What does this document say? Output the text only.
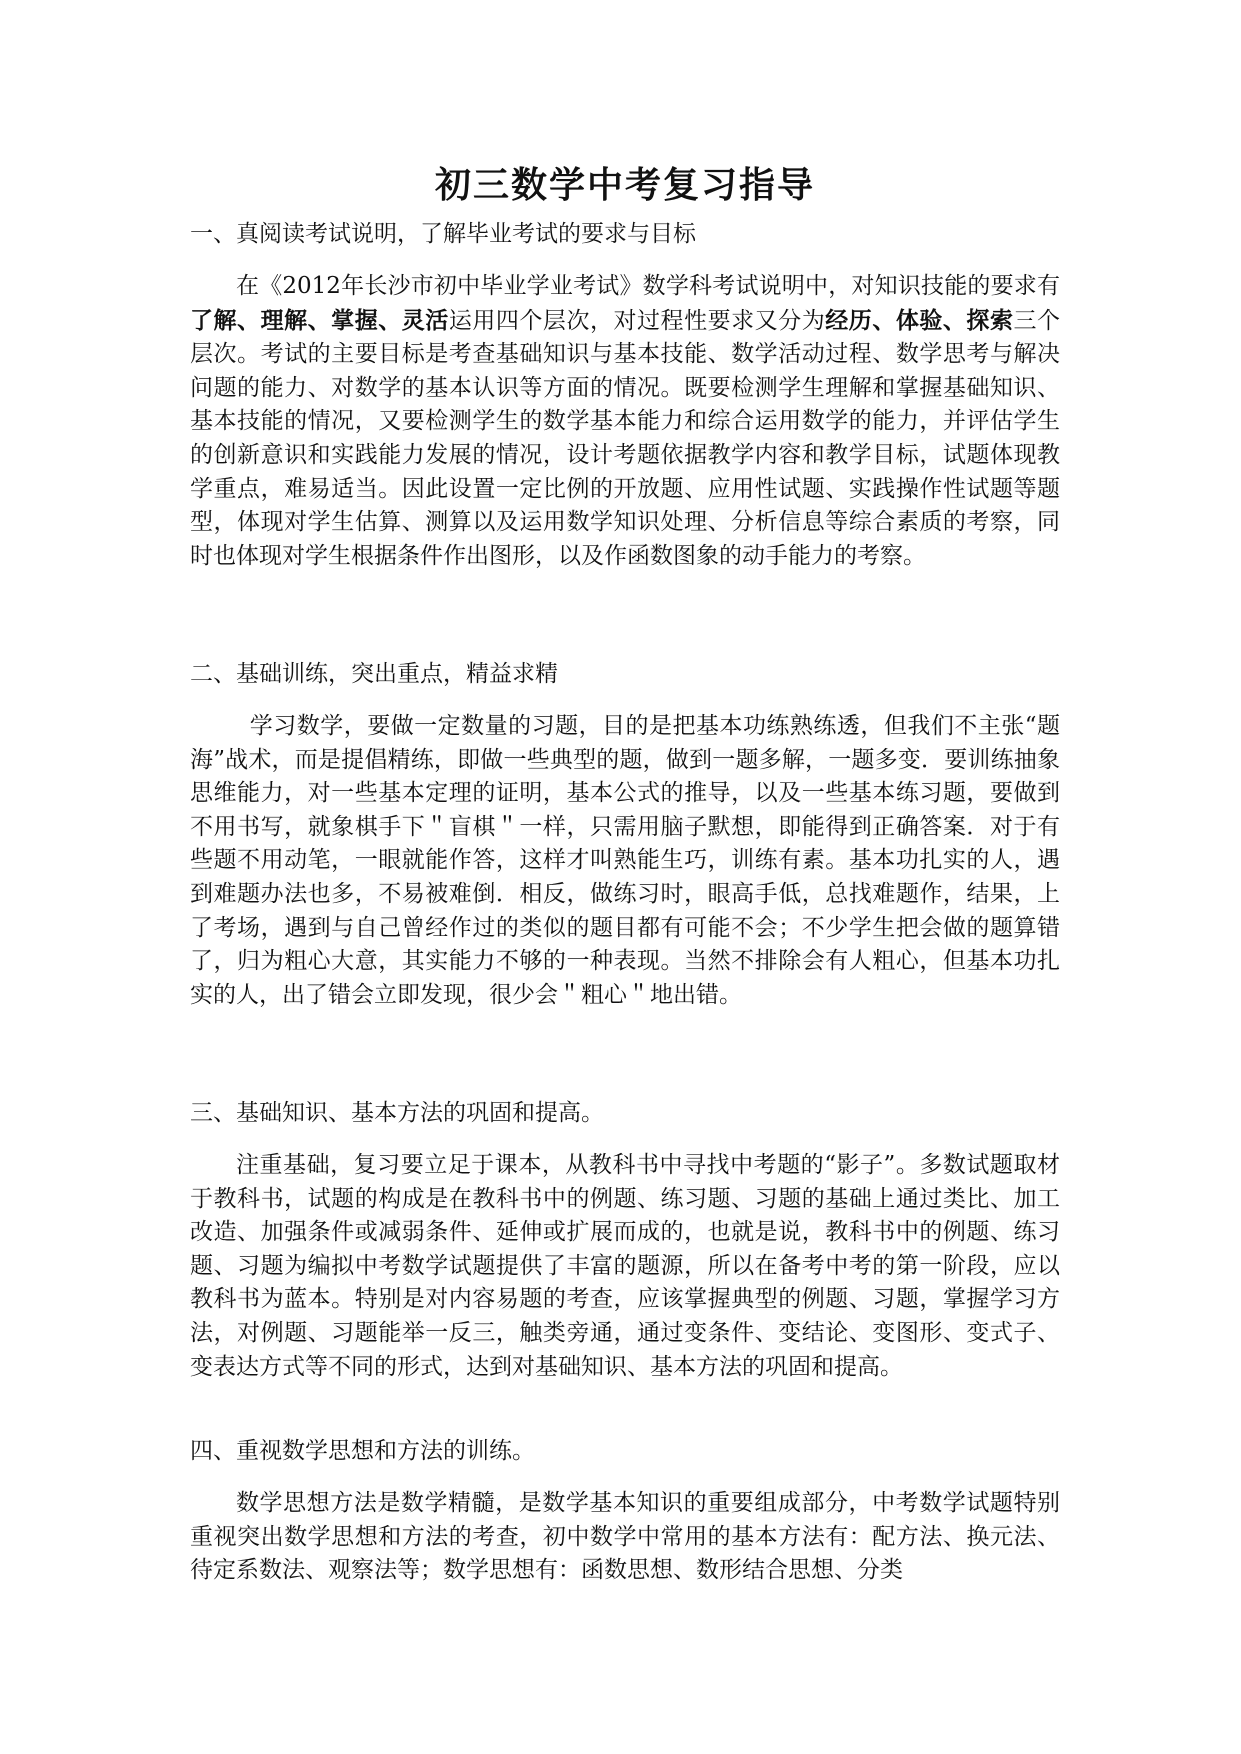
初三数学中考复习指导

一、真阅读考试说明，了解毕业考试的要求与目标

在《2012年长沙市初中毕业学业考试》数学科考试说明中，对知识技能的要求有了解、理解、掌握、灵活运用四个层次，对过程性要求又分为经历、体验、探索三个层次。考试的主要目标是考查基础知识与基本技能、数学活动过程、数学思考与解决问题的能力、对数学的基本认识等方面的情况。既要检测学生理解和掌握基础知识、基本技能的情况，又要检测学生的数学基本能力和综合运用数学的能力，并评估学生的创新意识和实践能力发展的情况，设计考题依据教学内容和教学目标，试题体现教学重点，难易适当。因此设置一定比例的开放题、应用性试题、实践操作性试题等题型，体现对学生估算、测算以及运用数学知识处理、分析信息等综合素质的考察，同时也体现对学生根据条件作出图形，以及作函数图象的动手能力的考察。

二、基础训练，突出重点，精益求精

学习数学，要做一定数量的习题，目的是把基本功练熟练透，但我们不主张“题海”战术，而是提倡精练，即做一些典型的题，做到一题多解，一题多变．要训练抽象思维能力，对一些基本定理的证明，基本公式的推导，以及一些基本练习题，要做到不用书写，就象棋手下＂盲棋＂一样，只需用脑子默想，即能得到正确答案．对于有些题不用动笔，一眼就能作答，这样才叫熟能生巧，训练有素。基本功扎实的人，遇到难题办法也多，不易被难倒．相反，做练习时，眼高手低，总找难题作，结果，上了考场，遇到与自己曾经作过的类似的题目都有可能不会；不少学生把会做的题算错了，归为粗心大意，其实能力不够的一种表现。当然不排除会有人粗心，但基本功扎实的人，出了错会立即发现，很少会＂粗心＂地出错。

三、基础知识、基本方法的巩固和提高。

注重基础，复习要立足于课本，从教科书中寻找中考题的“影子”。多数试题取材于教科书，试题的构成是在教科书中的例题、练习题、习题的基础上通过类比、加工改造、加强条件或减弱条件、延伸或扩展而成的，也就是说，教科书中的例题、练习题、习题为编拟中考数学试题提供了丰富的题源，所以在备考中考的第一阶段，应以教科书为蓝本。特别是对内容易题的考查，应该掌握典型的例题、习题，掌握学习方法，对例题、习题能举一反三，触类旁通，通过变条件、变结论、变图形、变式子、变表达方式等不同的形式，达到对基础知识、基本方法的巩固和提高。

四、重视数学思想和方法的训练。

数学思想方法是数学精髓，是数学基本知识的重要组成部分，中考数学试题特别重视突出数学思想和方法的考查，初中数学中常用的基本方法有：配方法、换元法、待定系数法、观察法等；数学思想有：函数思想、数形结合思想、分类
